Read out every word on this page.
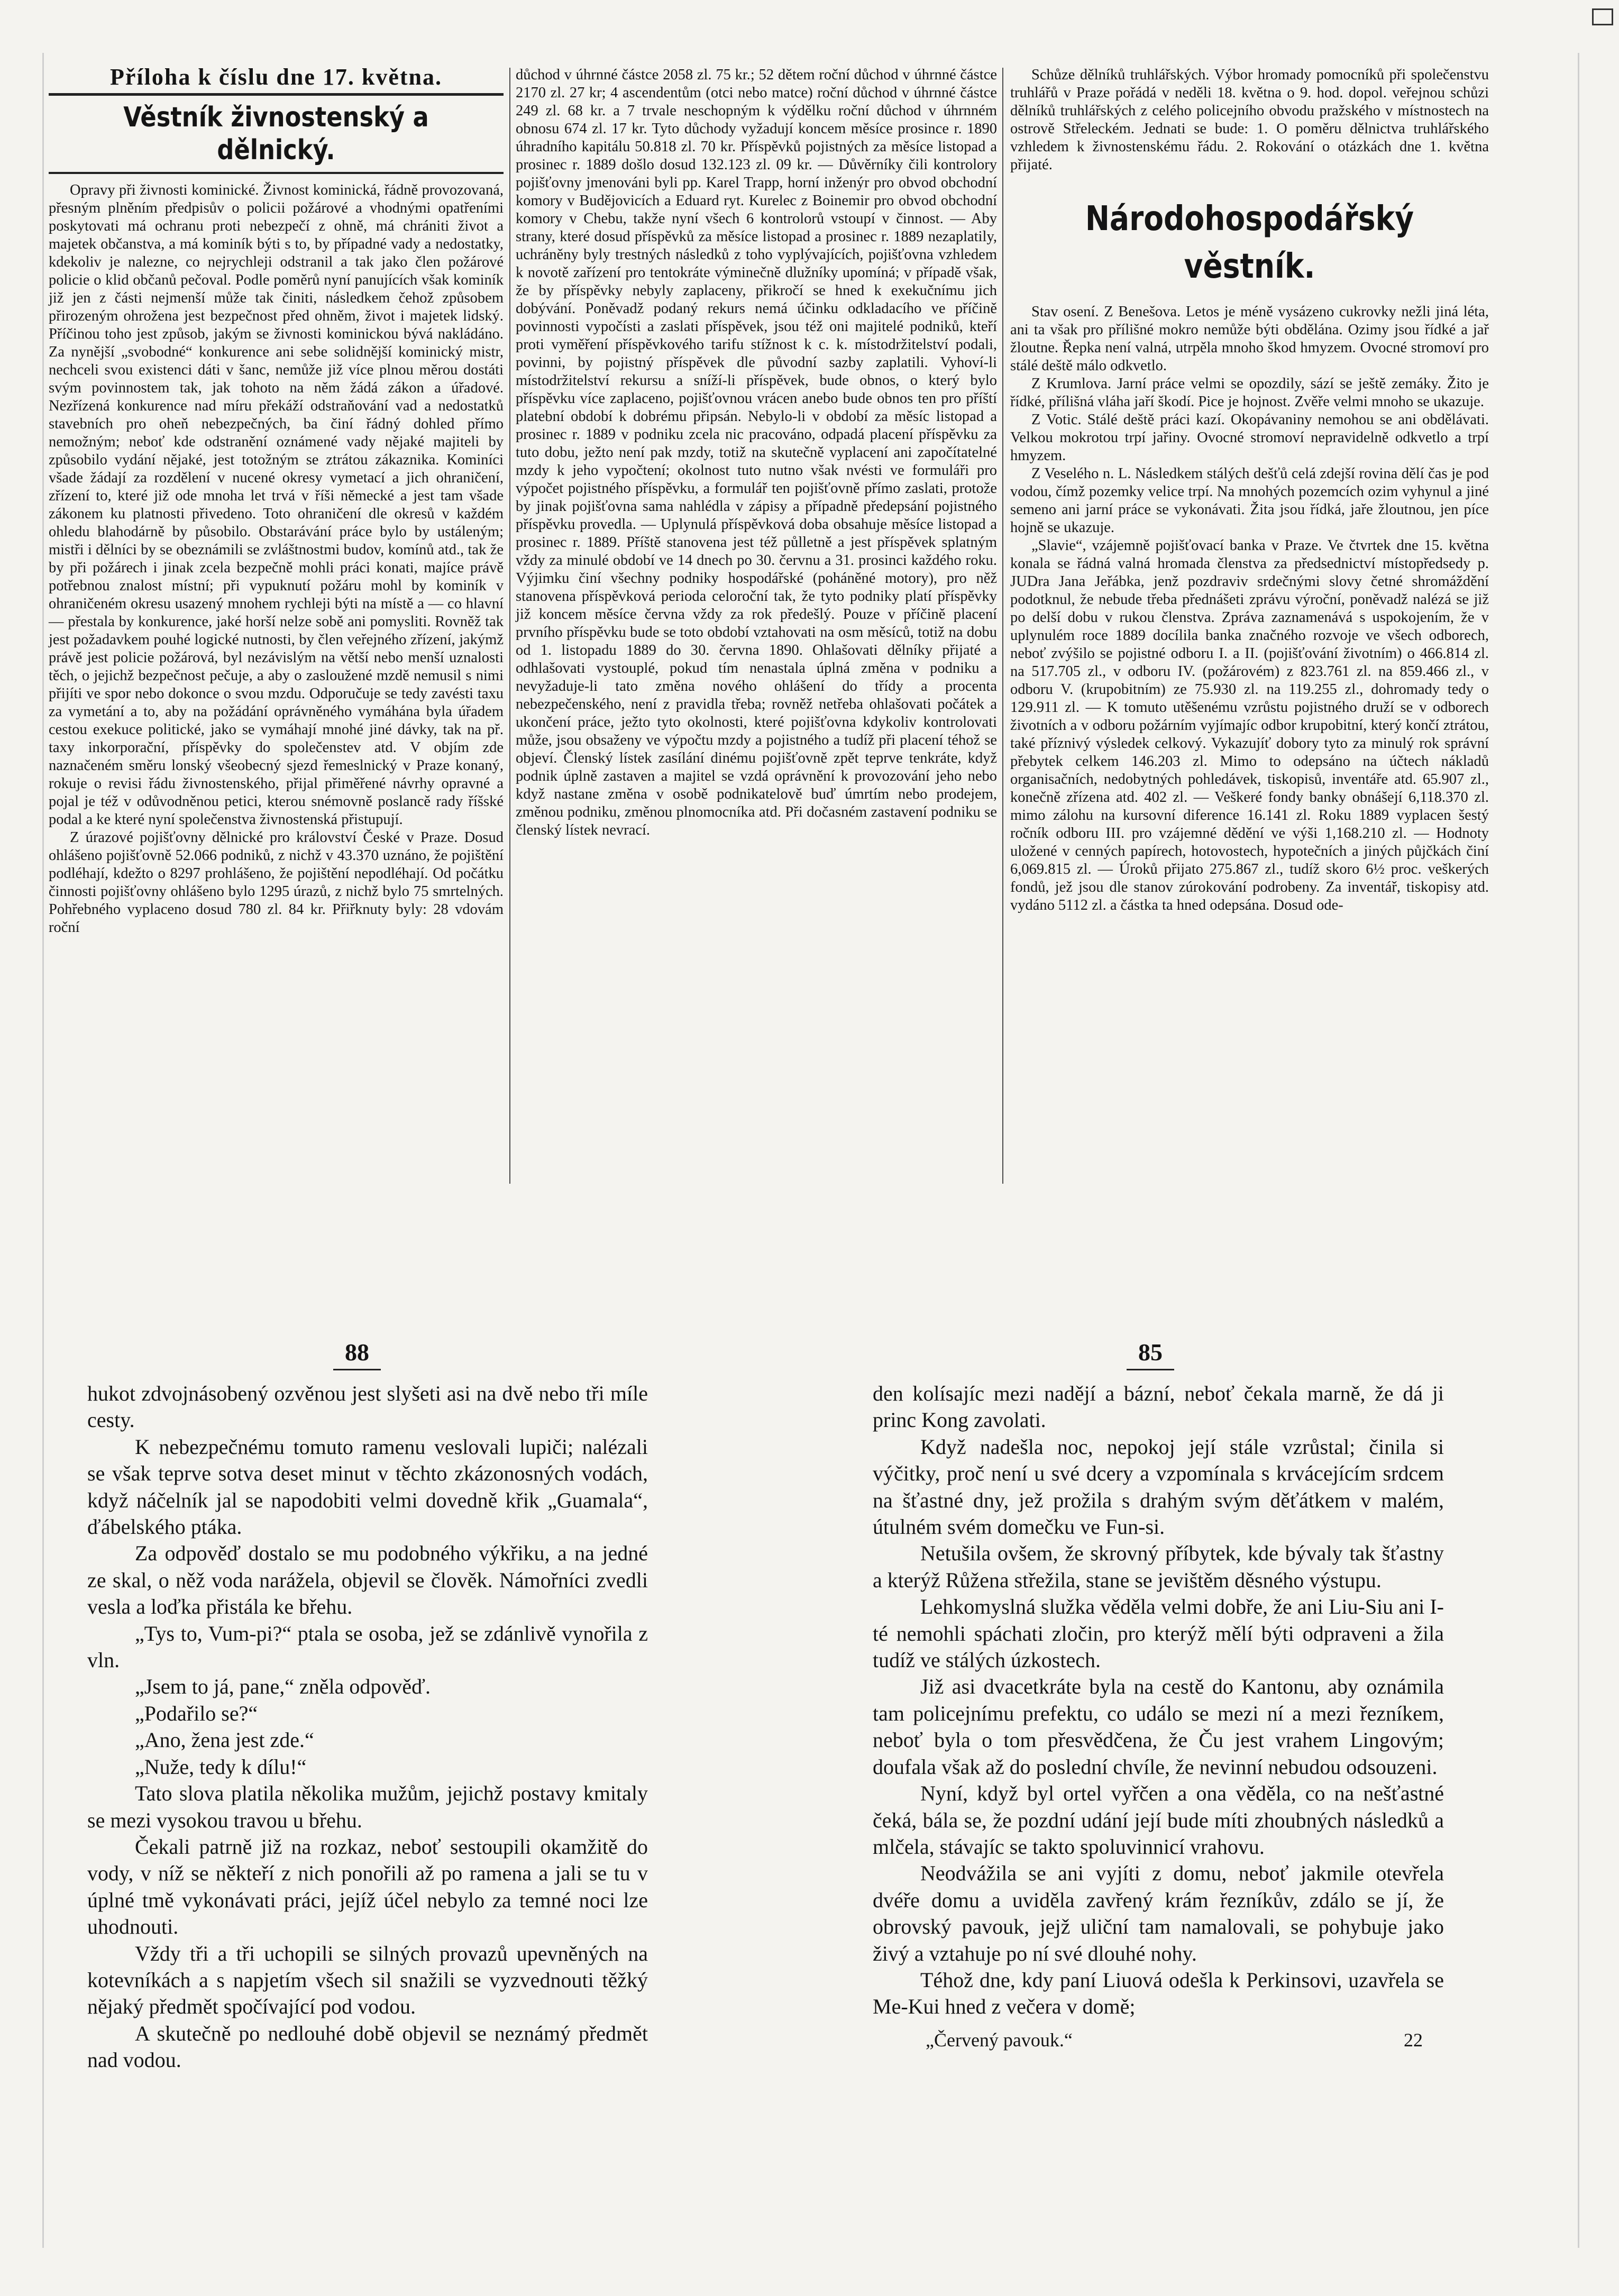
Příloha k číslu dne 17. května.
Věstník živnostenský a dělnický.

Opravy při živnosti kominické. Živnost kominická, řádně provozovaná, přesným plněním předpisův o policii požárové a vhodnými opatřeními poskytovati má ochranu proti nebezpečí z ohně, má chrániti život a majetek občanstva, a má kominík býti s to, by případné vady a nedostatky, kdekoliv je nalezne, co nejrychleji odstranil a tak jako člen požárové policie o klid občanů pečoval. Podle poměrů nyní panujících však kominík již jen z části nejmenší může tak činiti, následkem čehož způsobem přirozeným ohrožena jest bezpečnost před ohněm, život i majetek lidský. Příčinou toho jest způsob, jakým se živnosti kominickou bývá nakládáno. Za nynější „svobodné“ konkurence ani sebe solidnější kominický mistr, nechceli svou existenci dáti v šanc, nemůže již více plnou měrou dostáti svým povinnostem tak, jak tohoto na něm žádá zákon a úřadové. Nezřízená konkurence nad míru překáží odstraňování vad a nedostatků stavebních pro oheň nebezpečných, ba činí řádný dohled přímo nemožným; neboť kde odstranění oznámené vady nějaké majiteli by způsobilo vydání nějaké, jest totožným se ztrátou zákaznika. Kominíci všade žádají za rozdělení v nucené okresy vymetací a jich ohraničení, zřízení to, které již ode mnoha let trvá v říši německé a jest tam všade zákonem ku platnosti přivedeno. Toto ohraničení dle okresů v každém ohledu blahodárně by působilo. Obstarávání práce bylo by ustáleným; mistři i dělníci by se obeznámili se zvláštnostmi budov, komínů atd., tak že by při požárech i jinak zcela bezpečně mohli práci konati, majíce právě potřebnou znalost místní; při vypuknutí požáru mohl by kominík v ohraničeném okresu usazený mnohem rychleji býti na místě a — co hlavní — přestala by konkurence, jaké horší nelze sobě ani pomysliti. Rovněž tak jest požadavkem pouhé logické nutnosti, by člen veřejného zřízení, jakýmž právě jest policie požárová, byl nezávislým na větší nebo menší uznalosti těch, o jejichž bezpečnost pečuje, a aby o zasloužené mzdě nemusil s nimi přijíti ve spor nebo dokonce o svou mzdu. Odporučuje se tedy zavésti taxu za vymetání a to, aby na požádání oprávněného vymáhána byla úřadem cestou exekuce politické, jako se vymáhají mnohé jiné dávky, tak na př. taxy inkorporační, příspěvky do společenstev atd. V objím zde naznačeném směru lonský všeobecný sjezd řemeslnický v Praze konaný, rokuje o revisi řádu živnostenského, přijal přiměřené návrhy opravné a pojal je též v odůvodněnou petici, kterou snémovně poslancě rady říšské podal a ke které nyní společenstva živnostenská přistupují.

Z úrazové pojišťovny dělnické pro království České v Praze. Dosud ohlášeno pojišťovně 52.066 podniků, z nichž v 43.370 uznáno, že pojištění podléhají, kdežto o 8297 prohlášeno, že pojištění nepodléhají. Od počátku činnosti pojišťovny ohlášeno bylo 1295 úrazů, z nichž bylo 75 smrtelných. Pohřebného vyplaceno dosud 780 zl. 84 kr. Přiřknuty byly: 28 vdovám roční

důchod v úhrnné částce 2058 zl. 75 kr.; 52 dětem roční důchod v úhrnné částce 2170 zl. 27 kr; 4 ascendentům (otci nebo matce) roční důchod v úhrnné částce 249 zl. 68 kr. a 7 trvale neschopným k výdělku roční důchod v úhrnném obnosu 674 zl. 17 kr. Tyto důchody vyžadují koncem měsíce prosince r. 1890 úhradního kapitálu 50.818 zl. 70 kr. Příspěvků pojistných za měsíce listopad a prosinec r. 1889 došlo dosud 132.123 zl. 09 kr. — Důvěrníky čili kontrolory pojišťovny jmenováni byli pp. Karel Trapp, horní inženýr pro obvod obchodní komory v Budějovicích a Eduard ryt. Kurelec z Boinemir pro obvod obchodní komory v Chebu, takže nyní všech 6 kontrolorů vstoupí v činnost. — Aby strany, které dosud příspěvků za měsíce listopad a prosinec r. 1889 nezaplatily, uchráněny byly trestných následků z toho vyplývajících, pojišťovna vzhledem k novotě zařízení pro tentokráte výminečně dlužníky upomíná; v případě však, že by příspěvky nebyly zaplaceny, přikročí se hned k exekučnímu jich dobývání. Poněvadž podaný rekurs nemá účinku odkladacího ve příčině povinnosti vypočísti a zaslati příspěvek, jsou též oni majitelé podniků, kteří proti vyměření příspěvkového tarifu stížnost k c. k. místodržitelství podali, povinni, by pojistný příspěvek dle původní sazby zaplatili. Vyhoví-li místodržitelství rekursu a sníží-li příspěvek, bude obnos, o který bylo příspěvku více zaplaceno, pojišťovnou vrácen anebo bude obnos ten pro příští platební období k dobrému připsán. Nebylo-li v období za měsíc listopad a prosinec r. 1889 v podniku zcela nic pracováno, odpadá placení příspěvku za tuto dobu, ježto není pak mzdy, totiž na skutečně vyplacení ani započítatelné mzdy k jeho vypočtení; okolnost tuto nutno však nvésti ve formuláři pro výpočet pojistného příspěvku, a formulář ten pojišťovně přímo zaslati, protože by jinak pojišťovna sama nahlédla v zápisy a případně předepsání pojistného příspěvku provedla. — Uplynulá příspěvková doba obsahuje měsíce listopad a prosinec r. 1889. Příště stanovena jest též půlletně a jest příspěvek splatným vždy za minulé období ve 14 dnech po 30. červnu a 31. prosinci každého roku. Výjimku činí všechny podniky hospodářské (poháněné motory), pro něž stanovena příspěvková perioda celoroční tak, že tyto podniky platí příspěvky již koncem měsíce června vždy za rok předešlý. Pouze v příčině placení prvního příspěvku bude se toto období vztahovati na osm měsíců, totiž na dobu od 1. listopadu 1889 do 30. června 1890. Ohlašovati dělníky přijaté a odhlašovati vystouplé, pokud tím nenastala úplná změna v podniku a nevyžaduje-li tato změna nového ohlášení do třídy a procenta nebezpečenského, není z pravidla třeba; rovněž netřeba ohlašovati počátek a ukončení práce, ježto tyto okolnosti, které pojišťovna kdykoliv kontrolovati může, jsou obsaženy ve výpočtu mzdy a pojistného a tudíž při placení téhož se objeví. Členský lístek zasílání dinému pojišťovně zpět teprve tenkráte, když podnik úplně zastaven a majitel se vzdá oprávnění k provozování jeho nebo když nastane změna v osobě podnikatelově buď úmrtím nebo prodejem, změnou podniku, změnou plnomocníka atd. Při dočasném zastavení podniku se členský lístek nevrací.

Schůze dělníků truhlářských. Výbor hromady pomocníků při společenstvu truhlářů v Praze pořádá v neděli 18. května o 9. hod. dopol. veřejnou schůzi dělníků truhlářských z celého policejního obvodu pražského v místnostech na ostrově Střeleckém. Jednati se bude: 1. O poměru dělnictva truhlářského vzhledem k živnostenskému řádu. 2. Rokování o otázkách dne 1. května přijaté.

Národohospodářský věstník.

Stav osení. Z Benešova. Letos je méně vysázeno cukrovky nežli jiná léta, ani ta však pro přílišné mokro nemůže býti obdělána. Ozimy jsou řídké a jař žloutne. Řepka není valná, utrpěla mnoho škod hmyzem. Ovocné stromoví pro stálé deště málo odkvetlo.

Z Krumlova. Jarní práce velmi se opozdily, sází se ještě zemáky. Žito je řídké, přílišná vláha jaří škodí. Pice je hojnost. Zvěře velmi mnoho se ukazuje.

Z Votic. Stálé deště práci kazí. Okopávaniny nemohou se ani obdělávati. Velkou mokrotou trpí jařiny. Ovocné stromoví nepravidelně odkvetlo a trpí hmyzem.

Z Veselého n. L. Následkem stálých dešťů celá zdejší rovina dělí čas je pod vodou, čímž pozemky velice trpí. Na mnohých pozemcích ozim vyhynul a jiné semeno ani jarní práce se vykonávati. Žita jsou řídká, jaře žloutnou, jen píce hojně se ukazuje.

„Slavie“, vzájemně pojišťovací banka v Praze. Ve čtvrtek dne 15. května konala se řádná valná hromada členstva za předsednictví místopředsedy p. JUDra Jana Jeřábka, jenž pozdraviv srdečnými slovy četné shromáždění podotknul, že nebude třeba přednášeti zprávu výroční, poněvadž nalézá se již po delší dobu v rukou členstva. Zpráva zaznamenává s uspokojením, že v uplynulém roce 1889 docílila banka značného rozvoje ve všech odborech, neboť zvýšilo se pojistné odboru I. a II. (pojišťování životním) o 466.814 zl. na 517.705 zl., v odboru IV. (požárovém) z 823.761 zl. na 859.466 zl., v odboru V. (krupobitním) ze 75.930 zl. na 119.255 zl., dohromady tedy o 129.911 zl. — K tomuto utěšenému vzrůstu pojistného druží se v odborech životních a v odboru požárním vyjímajíc odbor krupobitní, který končí ztrátou, také příznivý výsledek celkový. Vykazujíť dobory tyto za minulý rok správní přebytek celkem 146.203 zl. Mimo to odepsáno na účtech nákladů organisačních, nedobytných pohledávek, tiskopisů, inventáře atd. 65.907 zl., konečně zřízena atd. 402 zl. — Veškeré fondy banky obnášejí 6,118.370 zl. mimo zálohu na kursovní diference 16.141 zl. Roku 1889 vyplacen šestý ročník odboru III. pro vzájemné dědění ve výši 1,168.210 zl. — Hodnoty uložené v cenných papírech, hotovostech, hypotečních a jiných půjčkách činí 6,069.815 zl. — Úroků přijato 275.867 zl., tudíž skoro 6½ proc. veškerých fondů, jež jsou dle stanov zúrokování podrobeny. Za inventář, tiskopisy atd. vydáno 5112 zl. a částka ta hned odepsána. Dosud ode-

88	85

hukot zdvojnásobený ozvěnou jest slyšeti asi na dvě nebo tři míle cesty.

K nebezpečnému tomuto ramenu veslovali lupiči; nalézali se však teprve sotva deset minut v těchto zkázonosných vodách, když náčelník jal se napodobiti velmi dovedně křik „Guamala“, ďábelského ptáka.

Za odpověď dostalo se mu podobného výkřiku, a na jedné ze skal, o něž voda narážela, objevil se člověk. Námořníci zvedli vesla a loďka přistála ke břehu.

„Tys to, Vum-pi?“ ptala se osoba, jež se zdánlivě vynořila z vln.

„Jsem to já, pane,“ zněla odpověď.

„Podařilo se?“

„Ano, žena jest zde.“

„Nuže, tedy k dílu!“

Tato slova platila několika mužům, jejichž postavy kmitaly se mezi vysokou travou u břehu.

Čekali patrně již na rozkaz, neboť sestoupili okamžitě do vody, v níž se někteří z nich ponořili až po ramena a jali se tu v úplné tmě vykonávati práci, jejíž účel nebylo za temné noci lze uhodnouti.

Vždy tři a tři uchopili se silných provazů upevněných na kotevníkách a s napjetím všech sil snažili se vyzvednouti těžký nějaký předmět spočívající pod vodou.

A skutečně po nedlouhé době objevil se neznámý předmět nad vodou.

den kolísajíc mezi nadějí a bázní, neboť čekala marně, že dá ji princ Kong zavolati.

Když nadešla noc, nepokoj její stále vzrůstal; činila si výčitky, proč není u své dcery a vzpomínala s krvácejícím srdcem na šťastné dny, jež prožila s drahým svým děťátkem v malém, útulném svém domečku ve Fun-si.

Netušila ovšem, že skrovný příbytek, kde bývaly tak šťastny a kterýž Růžena střežila, stane se jevištěm děsného výstupu.

Lehkomyslná služka věděla velmi dobře, že ani Liu-Siu ani I-té nemohli spáchati zločin, pro kterýž mělí býti odpraveni a žila tudíž ve stálých úzkostech.

Již asi dvacetkráte byla na cestě do Kantonu, aby oznámila tam policejnímu prefektu, co událo se mezi ní a mezi řezníkem, neboť byla o tom přesvědčena, že Ču jest vrahem Lingovým; doufala však až do poslední chvíle, že nevinní nebudou odsouzeni.

Nyní, když byl ortel vyřčen a ona věděla, co na nešťastné čeká, bála se, že pozdní udání její bude míti zhoubných následků a mlčela, stávajíc se takto spoluvinnicí vrahovu.

Neodvážila se ani vyjíti z domu, neboť jakmile otevřela dvéře domu a uviděla zavřený krám řezníkův, zdálo se jí, že obrovský pavouk, jejž uliční tam namalovali, se pohybuje jako živý a vztahuje po ní své dlouhé nohy.

Téhož dne, kdy paní Liuová odešla k Perkinsovi, uzavřela se Me-Kui hned z večera v domě;

„Červený pavouk.“	22
